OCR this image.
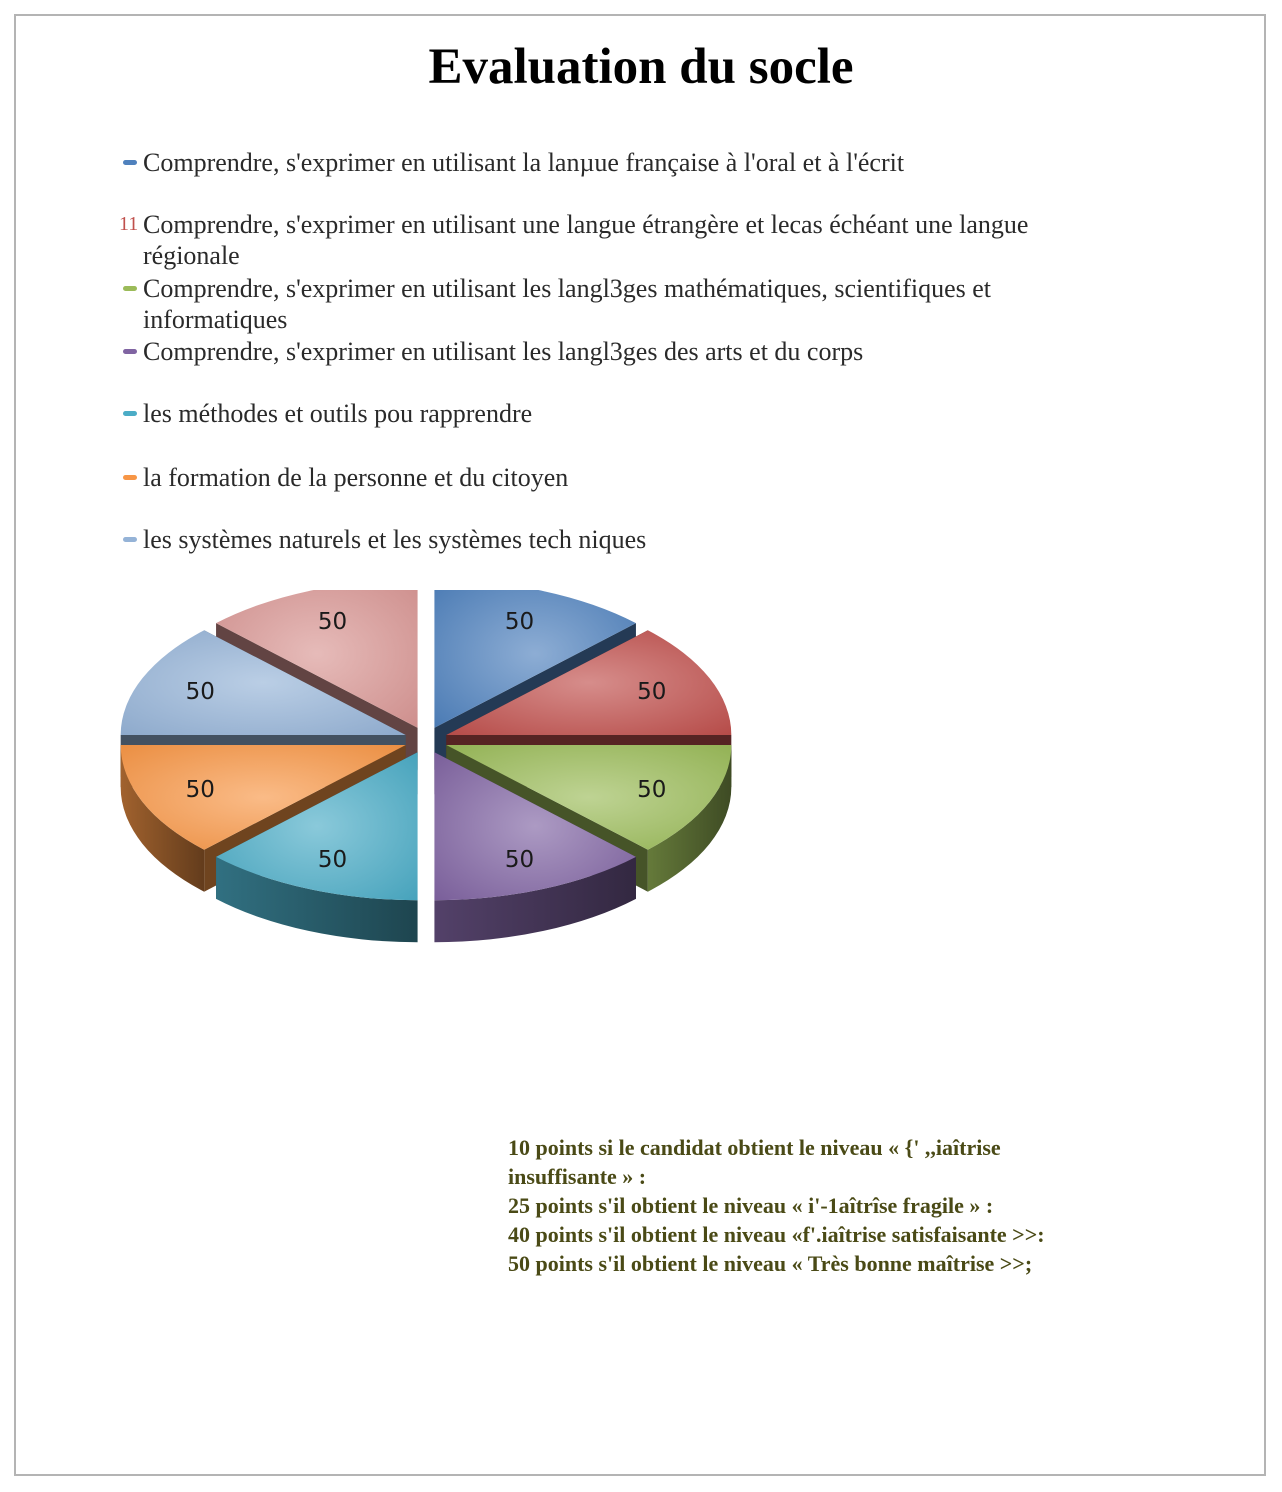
Evaluation du socle
Comprendre, s'exprimer en utilisant la lanµue française à l'oral et à l'écrit
11 Comprendre, s'exprimer en utilisant une langue étrangère et lecas échéant une langue régionale
Comprendre, s'exprimer en utilisant les langl3ges mathématiques, scientifiques et informatiques
Comprendre, s'exprimer en utilisant les langl3ges des arts et du corps
les méthodes et outils pou rapprendre
la formation de la personne et du citoyen
les systèmes naturels et les systèmes tech niques
50
50
50
50
50
50
50
50
10 points si le candidat obtient le niveau « {' ,,iaîtrise
insuffisante » :
25 points s'il obtient le niveau « i'-1aîtrîse fragile » :
40 points s'il obtient le niveau «f'.iaîtrise satisfaisante >>:
50 points s'il obtient le niveau « Très bonne maîtrise >>;
